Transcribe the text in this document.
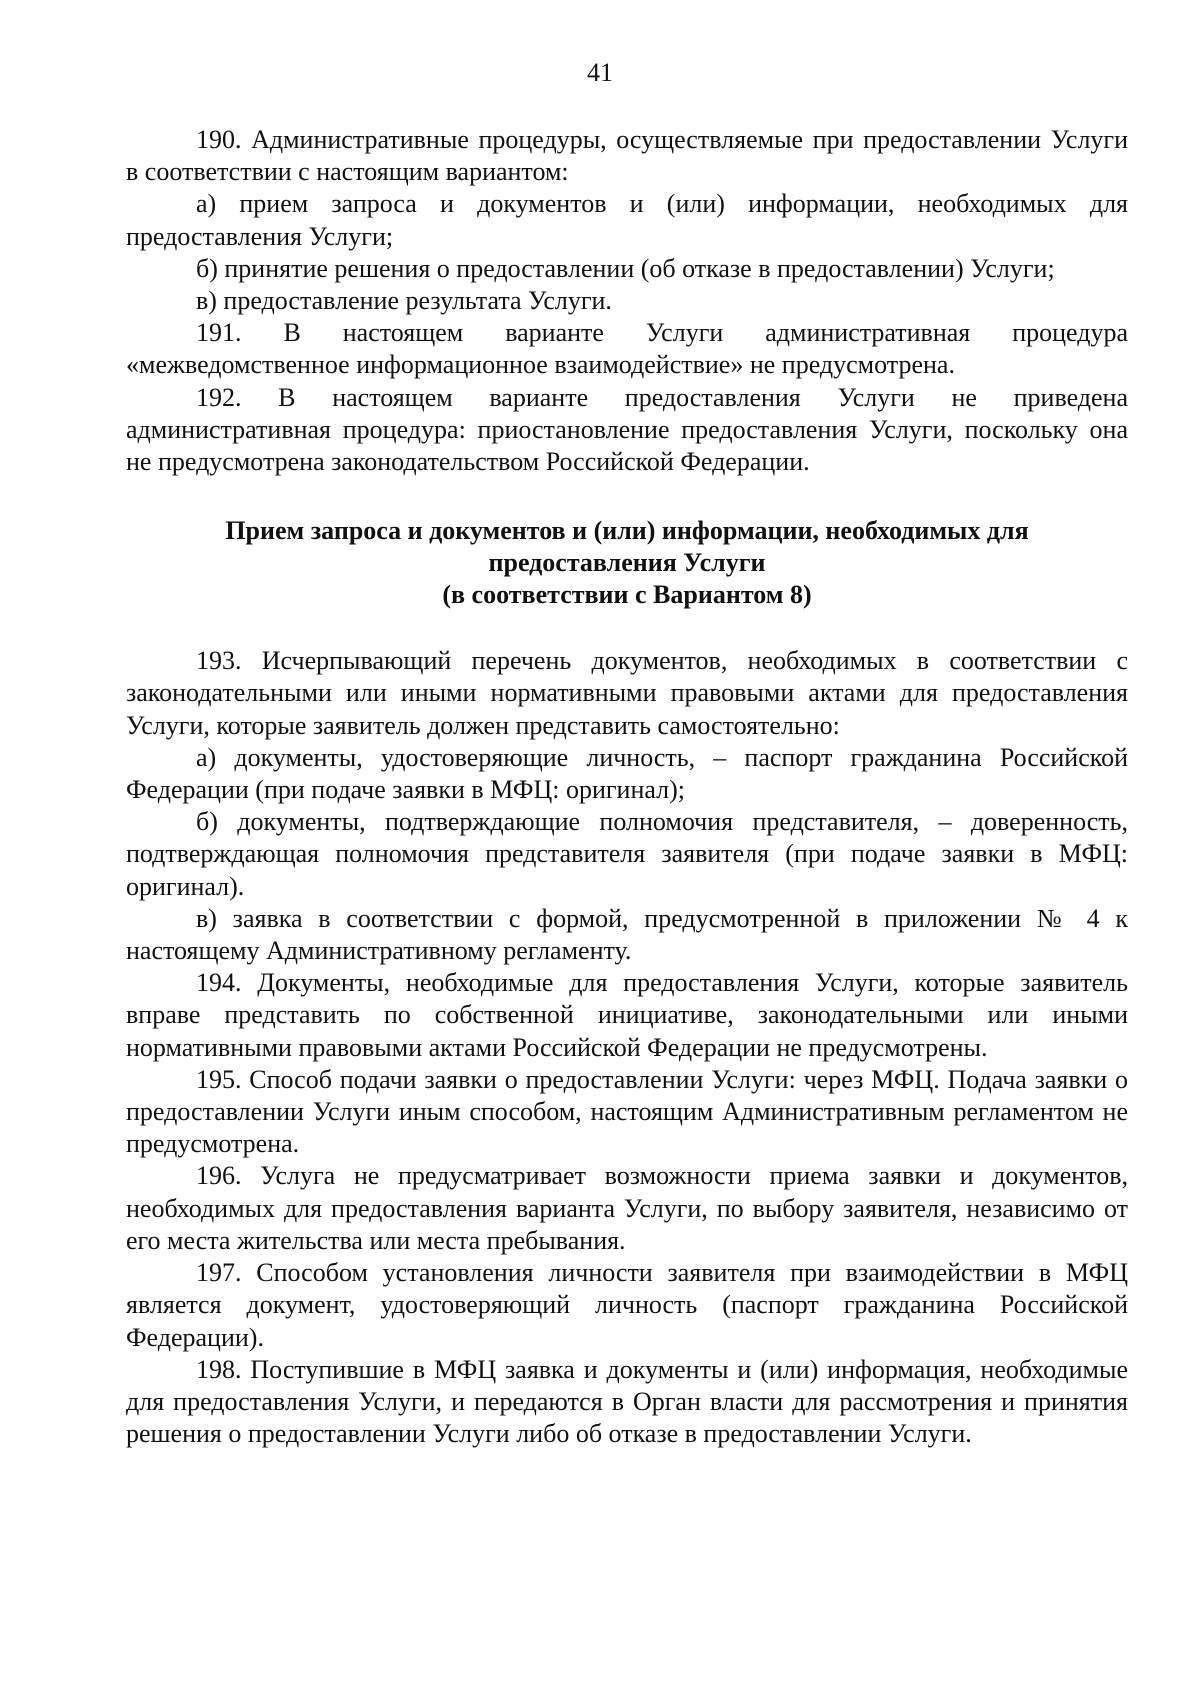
41

190. Административные процедуры, осуществляемые при предоставлении Услуги в соответствии с настоящим вариантом:

а) прием запроса и документов и (или) информации, необходимых для предоставления Услуги;

б) принятие решения о предоставлении (об отказе в предоставлении) Услуги;

в) предоставление результата Услуги.

191. В настоящем варианте Услуги административная процедура «межведомственное информационное взаимодействие» не предусмотрена.

192. В настоящем варианте предоставления Услуги не приведена административная процедура: приостановление предоставления Услуги, поскольку она не предусмотрена законодательством Российской Федерации.

Прием запроса и документов и (или) информации, необходимых для
предоставления Услуги
(в соответствии с Вариантом 8)

193. Исчерпывающий перечень документов, необходимых в соответствии с законодательными или иными нормативными правовыми актами для предоставления Услуги, которые заявитель должен представить самостоятельно:

а) документы, удостоверяющие личность, – паспорт гражданина Российской Федерации (при подаче заявки в МФЦ: оригинал);

б) документы, подтверждающие полномочия представителя, – доверенность, подтверждающая полномочия представителя заявителя (при подаче заявки в МФЦ: оригинал).

в) заявка в соответствии с формой, предусмотренной в приложении № 4 к настоящему Административному регламенту.

194. Документы, необходимые для предоставления Услуги, которые заявитель вправе представить по собственной инициативе, законодательными или иными нормативными правовыми актами Российской Федерации не предусмотрены.

195. Способ подачи заявки о предоставлении Услуги: через МФЦ. Подача заявки о предоставлении Услуги иным способом, настоящим Административным регламентом не предусмотрена.

196. Услуга не предусматривает возможности приема заявки и документов, необходимых для предоставления варианта Услуги, по выбору заявителя, независимо от его места жительства или места пребывания.

197. Способом установления личности заявителя при взаимодействии в МФЦ является документ, удостоверяющий личность (паспорт гражданина Российской Федерации).

198. Поступившие в МФЦ заявка и документы и (или) информация, необходимые для предоставления Услуги, и передаются в Орган власти для рассмотрения и принятия решения о предоставлении Услуги либо об отказе в предоставлении Услуги.
